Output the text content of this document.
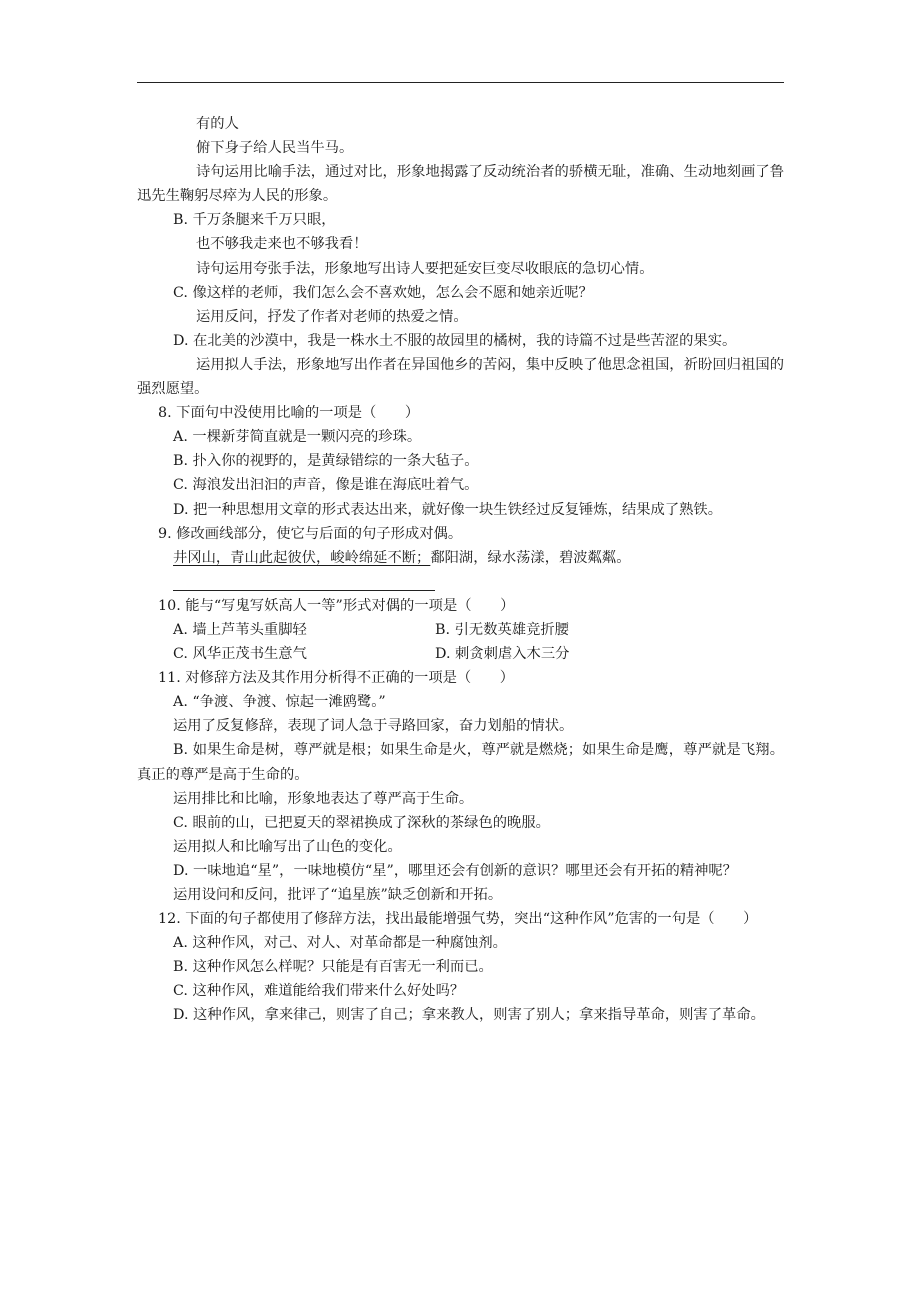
有的人

俯下身子给人民当牛马。

诗句运用比喻手法，通过对比，形象地揭露了反动统治者的骄横无耻，准确、生动地刻画了鲁迅先生鞠躬尽瘁为人民的形象。

B. 千万条腿来千万只眼，

也不够我走来也不够我看！

诗句运用夸张手法，形象地写出诗人要把延安巨变尽收眼底的急切心情。

C. 像这样的老师，我们怎么会不喜欢她，怎么会不愿和她亲近呢？

运用反问，抒发了作者对老师的热爱之情。

D. 在北美的沙漠中，我是一株水土不服的故园里的橘树，我的诗篇不过是些苦涩的果实。

运用拟人手法，形象地写出作者在异国他乡的苦闷，集中反映了他思念祖国，祈盼回归祖国的强烈愿望。

8. 下面句中没使用比喻的一项是（　　）

A. 一棵新芽简直就是一颗闪亮的珍珠。

B. 扑入你的视野的，是黄绿错综的一条大毡子。

C. 海浪发出汩汩的声音，像是谁在海底吐着气。

D. 把一种思想用文章的形式表达出来，就好像一块生铁经过反复锤炼，结果成了熟铁。

9. 修改画线部分，使它与后面的句子形成对偶。

井冈山，青山此起彼伏，峻岭绵延不断；鄱阳湖，绿水荡漾，碧波粼粼。

10. 能与“写鬼写妖高人一等”形式对偶的一项是（　　）

A. 墙上芦苇头重脚轻	B. 引无数英雄竞折腰
C. 风华正茂书生意气	D. 刺贪刺虐入木三分

11. 对修辞方法及其作用分析得不正确的一项是（　　）

A. “争渡、争渡、惊起一滩鸥鹭。”

运用了反复修辞，表现了词人急于寻路回家，奋力划船的情状。

B. 如果生命是树，尊严就是根；如果生命是火，尊严就是燃烧；如果生命是鹰，尊严就是飞翔。真正的尊严是高于生命的。

运用排比和比喻，形象地表达了尊严高于生命。

C. 眼前的山，已把夏天的翠裙换成了深秋的茶绿色的晚服。

运用拟人和比喻写出了山色的变化。

D. 一味地追“星”，一味地模仿“星”，哪里还会有创新的意识？哪里还会有开拓的精神呢？

运用设问和反问，批评了“追星族”缺乏创新和开拓。

12. 下面的句子都使用了修辞方法，找出最能增强气势，突出“这种作风”危害的一句是（　　）

A. 这种作风，对己、对人、对革命都是一种腐蚀剂。

B. 这种作风怎么样呢？只能是有百害无一利而已。

C. 这种作风，难道能给我们带来什么好处吗？

D. 这种作风，拿来律己，则害了自己；拿来教人，则害了别人；拿来指导革命，则害了革命。
